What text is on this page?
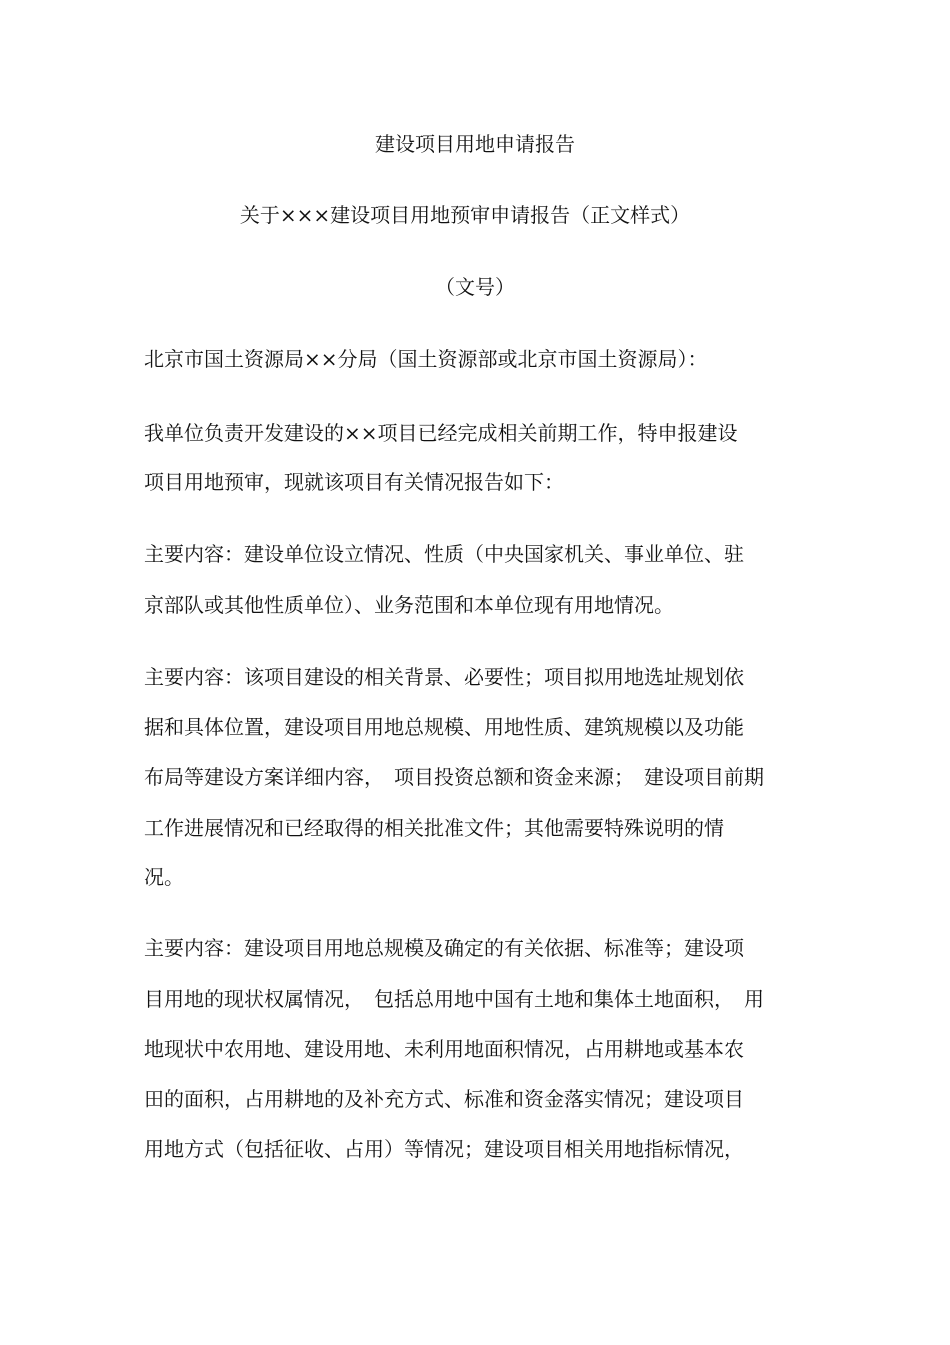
建设项目用地申请报告
关于×××建设项目用地预审申请报告（正文样式）
（文号）
北京市国土资源局××分局（国土资源部或北京市国土资源局）：
我单位负责开发建设的××项目已经完成相关前期工作，特申报建设
项目用地预审，现就该项目有关情况报告如下：
主要内容：建设单位设立情况、性质（中央国家机关、事业单位、驻
京部队或其他性质单位）、业务范围和本单位现有用地情况。
主要内容：该项目建设的相关背景、必要性；项目拟用地选址规划依
据和具体位置，建设项目用地总规模、用地性质、建筑规模以及功能
布局等建设方案详细内容，　项目投资总额和资金来源；　建设项目前期
工作进展情况和已经取得的相关批准文件；其他需要特殊说明的情
况。
主要内容：建设项目用地总规模及确定的有关依据、标准等；建设项
目用地的现状权属情况，　包括总用地中国有土地和集体土地面积，　用
地现状中农用地、建设用地、未利用地面积情况，占用耕地或基本农
田的面积，占用耕地的及补充方式、标准和资金落实情况；建设项目
用地方式（包括征收、占用）等情况；建设项目相关用地指标情况，
